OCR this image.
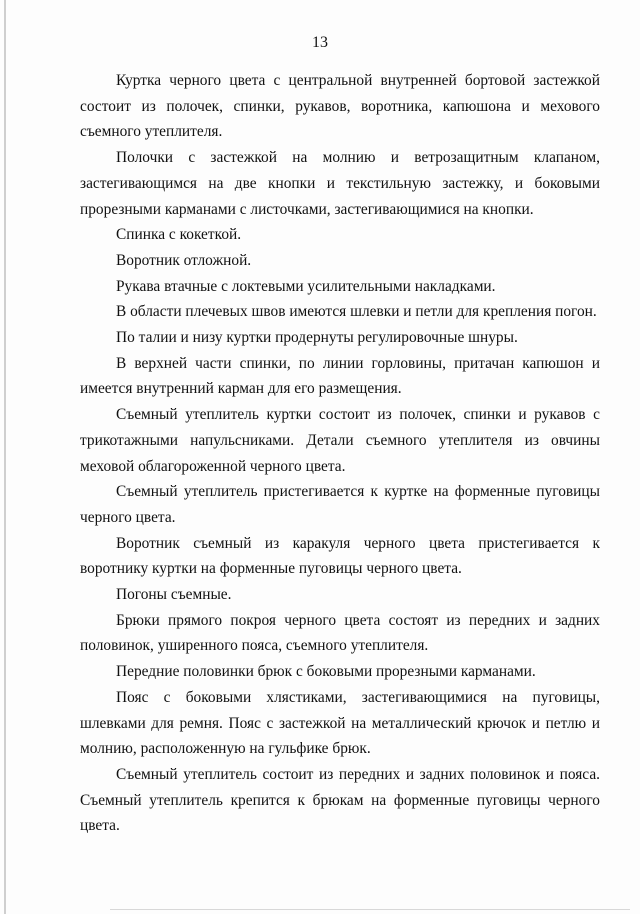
13

Куртка черного цвета с центральной внутренней бортовой застежкой состоит из полочек, спинки, рукавов, воротника, капюшона и мехового съемного утеплителя.

Полочки с застежкой на молнию и ветрозащитным клапаном, застегивающимся на две кнопки и текстильную застежку, и боковыми прорезными карманами с листочками, застегивающимися на кнопки.

Спинка с кокеткой.

Воротник отложной.

Рукава втачные с локтевыми усилительными накладками.

В области плечевых швов имеются шлевки и петли для крепления погон.

По талии и низу куртки продернуты регулировочные шнуры.

В верхней части спинки, по линии горловины, притачан капюшон и имеется внутренний карман для его размещения.

Съемный утеплитель куртки состоит из полочек, спинки и рукавов с трикотажными напульсниками. Детали съемного утеплителя из овчины меховой облагороженной черного цвета.

Съемный утеплитель пристегивается к куртке на форменные пуговицы черного цвета.

Воротник съемный из каракуля черного цвета пристегивается к воротнику куртки на форменные пуговицы черного цвета.

Погоны съемные.

Брюки прямого покроя черного цвета состоят из передних и задних половинок, уширенного пояса, съемного утеплителя.

Передние половинки брюк с боковыми прорезными карманами.

Пояс с боковыми хлястиками, застегивающимися на пуговицы, шлевками для ремня. Пояс с застежкой на металлический крючок и петлю и молнию, расположенную на гульфике брюк.

Съемный утеплитель состоит из передних и задних половинок и пояса. Съемный утеплитель крепится к брюкам на форменные пуговицы черного цвета.
